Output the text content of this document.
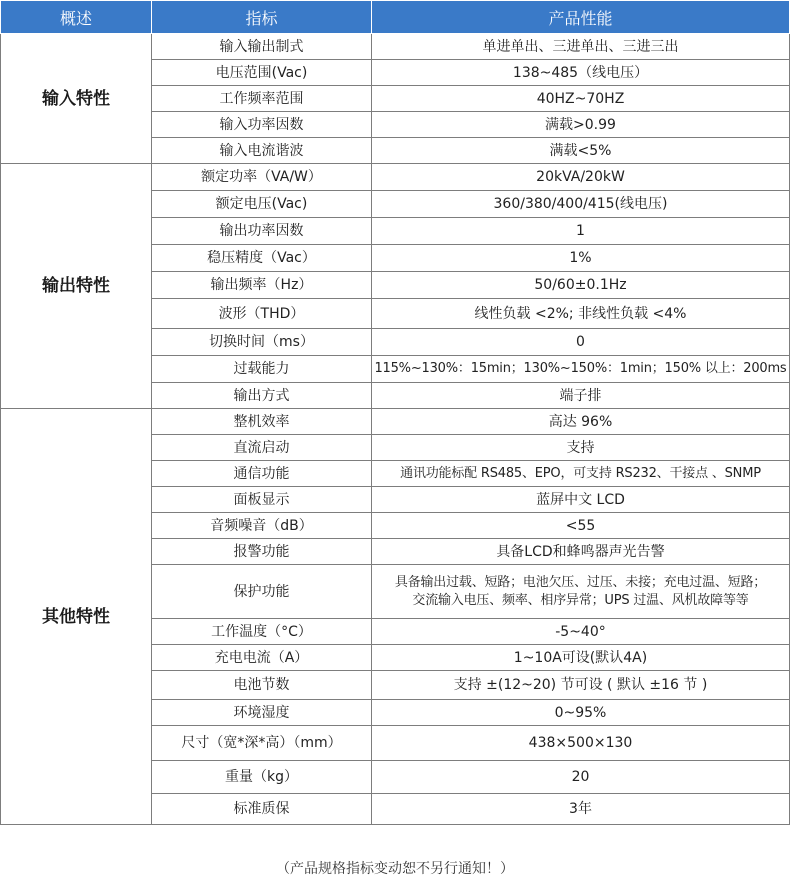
概述	指标	产品性能
输入特性	输入输出制式	单进单出、三进单出、三进三出
	电压范围(Vac)	138~485（线电压）
	工作频率范围	40HZ~70HZ
	输入功率因数	满载>0.99
	输入电流谐波	满载<5%
输出特性	额定功率（VA/W）	20kVA/20kW
	额定电压(Vac)	360/380/400/415(线电压)
	输出功率因数	1
	稳压精度（Vac）	1%
	输出频率（Hz）	50/60±0.1Hz
	波形（THD）	线性负载 <2%; 非线性负载 <4%
	切换时间（ms）	0
	过载能力	115%~130%：15min；130%~150%：1min；150% 以上：200ms
	输出方式	端子排
其他特性	整机效率	高达 96%
	直流启动	支持
	通信功能	通讯功能标配 RS485、EPO，可支持 RS232、干接点 、SNMP
	面板显示	蓝屏中文 LCD
	音频噪音（dB）	<55
	报警功能	具备LCD和蜂鸣器声光告警
	保护功能	具备输出过载、短路；电池欠压、过压、未接；充电过温、短路；
交流输入电压、频率、相序异常；UPS 过温、风机故障等等

	工作温度（°C）	-5~40°
	充电电流（A）	1~10A可设(默认4A)
	电池节数	支持 ±(12~20) 节可设 ( 默认 ±16 节 )
	环境湿度	0~95%
	尺寸（宽*深*高）（mm）	438×500×130
	重量（kg）	20
	标准质保	3年
（产品规格指标变动恕不另行通知！）
